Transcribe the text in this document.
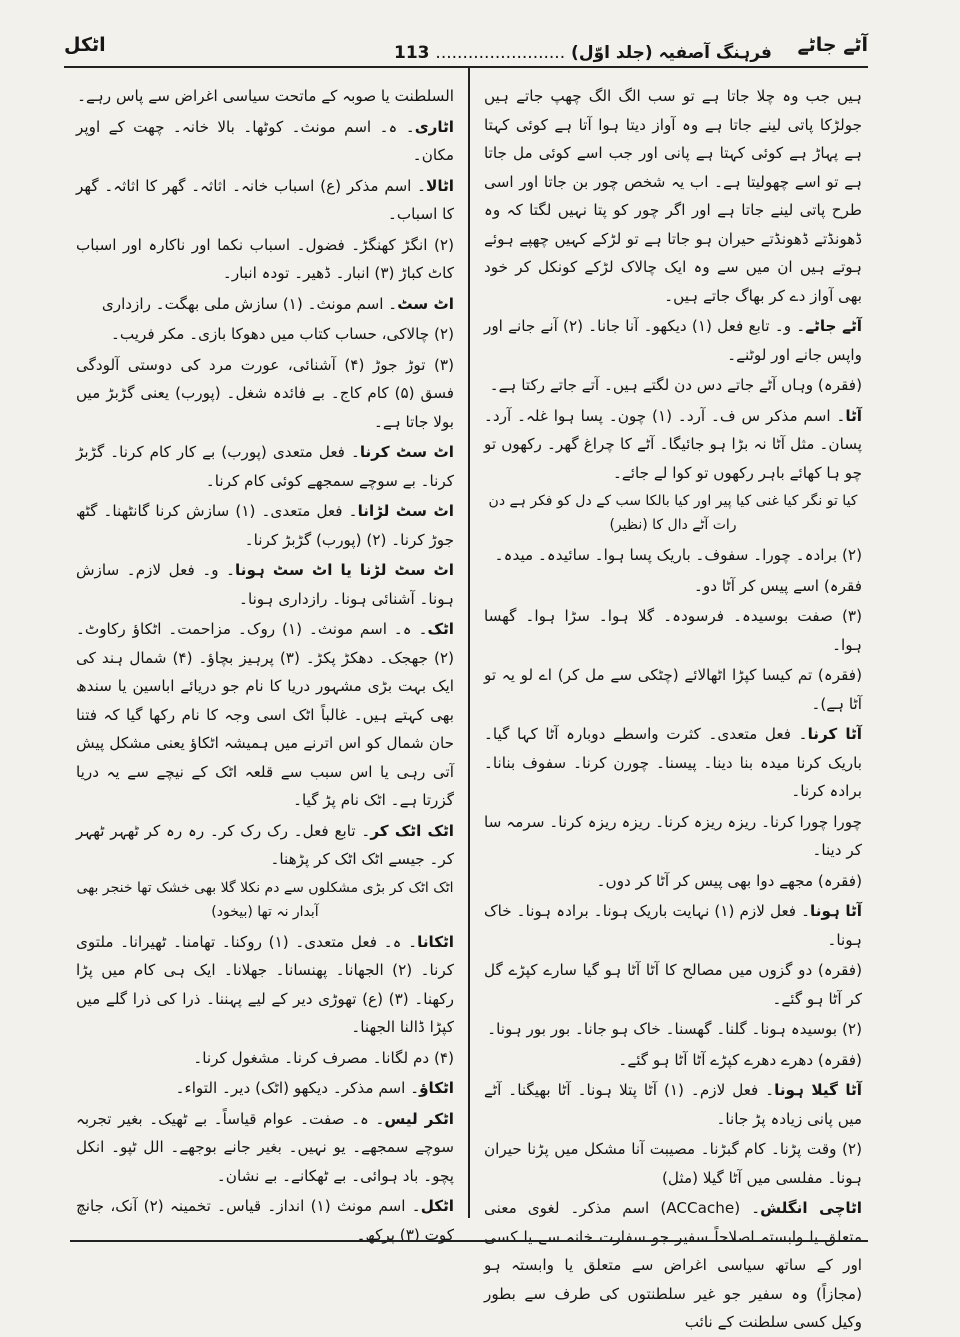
آٹے جاٹے
فرہنگ آصفیہ (جلد اوّل) ........................ 113
اٹکل
ہیں جب وہ چلا جاتا ہے تو سب الگ الگ چھپ جاتے ہیں جولڑکا پاتی لینے جاتا ہے وہ آواز دیتا ہوا آتا ہے کوئی کہتا ہے پہاڑ ہے کوئی کہتا ہے پانی اور جب اسے کوئی مل جاتا ہے تو اسے چھولیتا ہے۔ اب یہ شخص چور بن جاتا اور اسی طرح پاتی لینے جاتا ہے اور اگر چور کو پتا نہیں لگتا کہ وہ ڈھونڈتے ڈھونڈتے حیران ہو جاتا ہے تو لڑکے کہیں چھپے ہوئے ہوتے ہیں ان میں سے وہ ایک چالاک لڑکے کونکل کر خود بھی آواز دے کر بھاگ جاتے ہیں۔
آٹے جاٹے۔ و۔ تابع فعل (۱) دیکھو۔ آنا جانا۔ (۲) آنے جانے اور واپس جانے اور لوٹنے۔
(فقرہ) وہاں آٹے جاتے دس دن لگتے ہیں۔ آتے جاتے رکتا ہے۔
آٹا۔ اسم مذکر س ف۔ آرد۔ (۱) چون۔ پسا ہوا غلہ۔ آرد۔ پسان۔ مثل آٹا نہ بڑا ہو جائیگا۔ آٹے کا چراغ گھر۔ رکھوں تو چو ہا کھائے باہر رکھوں تو کوا لے جائے۔
کیا تو نگر کیا غنی کیا پیر اور کیا بالکا سب کے دل کو فکر ہے دن رات آٹے دال کا (نظیر)
(۲) برادہ۔ چورا۔ سفوف۔ باریک پسا ہوا۔ سائیدہ۔ میدہ۔
فقرہ) اسے پیس کر آٹا دو۔
(۳) صفت بوسیدہ۔ فرسودہ۔ گلا ہوا۔ سڑا ہوا۔ گھسا ہوا۔
(فقرہ) تم کیسا کپڑا اٹھالائے (چٹکی سے مل کر) اے لو یہ تو آٹا ہے)۔
آٹا کرنا۔ فعل متعدی۔ کثرت واسطے دوبارہ آٹا کہا گیا۔ باریک کرنا میدہ بنا دینا۔ پیسنا۔ چورن کرنا۔ سفوف بنانا۔ برادہ کرنا۔
چورا چورا کرنا۔ ریزہ ریزہ کرنا۔ ریزہ ریزہ کرنا۔ سرمہ سا کر دینا۔
(فقرہ) مجھے دوا بھی پیس کر آٹا کر دوں۔
آٹا ہونا۔ فعل لازم (۱) نہایت باریک ہونا۔ برادہ ہونا۔ خاک ہونا۔
(فقرہ) دو گزوں میں مصالح کا آٹا آٹا ہو گیا سارے کپڑے گل کر آٹا ہو گئے۔
(۲) بوسیدہ ہونا۔ گلنا۔ گھسنا۔ خاک ہو جانا۔ بور بور ہونا۔
(فقرہ) دھرے دھرے کپڑے آٹا آٹا ہو گئے۔
آٹا گیلا ہونا۔ فعل لازم۔ (۱) آٹا پتلا ہونا۔ آٹا بھیگنا۔ آٹے میں پانی زیادہ پڑ جانا۔
(۲) وقت پڑنا۔ کام گبڑنا۔ مصیبت آنا مشکل میں پڑنا حیران ہونا۔ مفلسی میں آٹا گیلا (مثل)
اٹاچی انگلش۔ (ACCache) اسم مذکر۔ لغوی معنی متعلق یا وابستہ اصلاحاً سفیر جو سفارت خانہ سے یا کسی اور کے ساتھ سیاسی اغراض سے متعلق یا وابستہ ہو (مجازاً) وہ سفیر جو غیر سلطنتوں کی طرف سے بطور وکیل کسی سلطنت کے نائب
السلطنت یا صوبہ کے ماتحت سیاسی اغراض سے پاس رہے۔
اٹاری۔ ہ۔ اسم مونث۔ کوٹھا۔ بالا خانہ۔ چھت کے اوپر مکان۔
اٹالا۔ اسم مذکر (ع) اسباب خانہ۔ اثاثہ۔ گھر کا اثاثہ۔ گھر کا اسباب۔
(۲) انگڑ کھنگڑ۔ فضول۔ اسباب نکما اور ناکارہ اور اسباب کاٹ کباڑ (۳) انبار۔ ڈھیر۔ تودہ انبار۔
اٹ سٹ۔ اسم مونث۔ (۱) سازش ملی بھگت۔ رازداری
(۲) چالاکی، حساب کتاب میں دھوکا بازی۔ مکر فریب۔
(۳) توڑ جوڑ (۴) آشنائی، عورت مرد کی دوستی آلودگی فسق (۵) کام کاج۔ بے فائدہ شغل۔ (پورب) یعنی گڑبڑ میں بولا جاتا ہے۔
اٹ سٹ کرنا۔ فعل متعدی (پورب) بے کار کام کرنا۔ گڑبڑ کرنا۔ بے سوچے سمجھے کوئی کام کرنا۔
اٹ سٹ لڑانا۔ فعل متعدی۔ (۱) سازش کرنا گانٹھنا۔ گٹھ جوڑ کرنا۔ (۲) (پورب) گڑبڑ کرنا۔
اٹ سٹ لڑنا یا اٹ سٹ ہونا۔ و۔ فعل لازم۔ سازش ہونا۔ آشنائی ہونا۔ رازداری ہونا۔
اٹک۔ ہ۔ اسم مونث۔ (۱) روک۔ مزاحمت۔ اٹکاؤ رکاوٹ۔ (۲) جھجک۔ دھکڑ پکڑ۔ (۳) پرہیز بچاؤ۔ (۴) شمال ہند کی ایک بہت بڑی مشہور دریا کا نام جو دریائے اباسین یا سندھ بھی کہتے ہیں۔ غالباً اٹک اسی وجہ کا نام رکھا گیا کہ فتنا حان شمال کو اس اترنے میں ہمیشہ اٹکاؤ یعنی مشکل پیش آتی رہی یا اس سبب سے قلعہ اٹک کے نیچے سے یہ دریا گزرتا ہے۔ اٹک نام پڑ گیا۔
اٹک اٹک کر۔ تابع فعل۔ رک رک کر۔ رہ رہ کر ٹھہر ٹھہر کر۔ جیسے اٹک اٹک کر پڑھنا۔
اٹک اٹک کر بڑی مشکلوں سے دم نکلا گلا بھی خشک تھا خنجر بھی آبدار نہ تھا (بیخود)
اٹکانا۔ ہ۔ فعل متعدی۔ (۱) روکنا۔ تھامنا۔ ٹھیرانا۔ ملتوی کرنا۔ (۲) الجھانا۔ پھنسانا۔ جھلانا۔ ایک ہی کام میں پڑا رکھنا۔ (۳) (ع) تھوڑی دیر کے لیے پہننا۔ ذرا کی ذرا گلے میں کپڑا ڈالنا الجھنا۔
(۴) دم لگانا۔ مصرف کرنا۔ مشغول کرنا۔
اٹکاؤ۔ اسم مذکر۔ دیکھو (اٹک) دیر۔ التواء۔
اٹکر لیس۔ ہ۔ صفت۔ عوام قیاساً۔ بے ٹھیک۔ بغیر تجربہ سوچے سمجھے۔ یو نہیں۔ بغیر جانے بوجھے۔ الل ٹپو۔ انکل پچو۔ باد ہوائی۔ بے ٹھکانے۔ بے نشان۔
اٹکل۔ اسم مونث (۱) انداز۔ قیاس۔ تخمینہ (۲) آنک، جانچ کوت (۳) پرکھ۔
